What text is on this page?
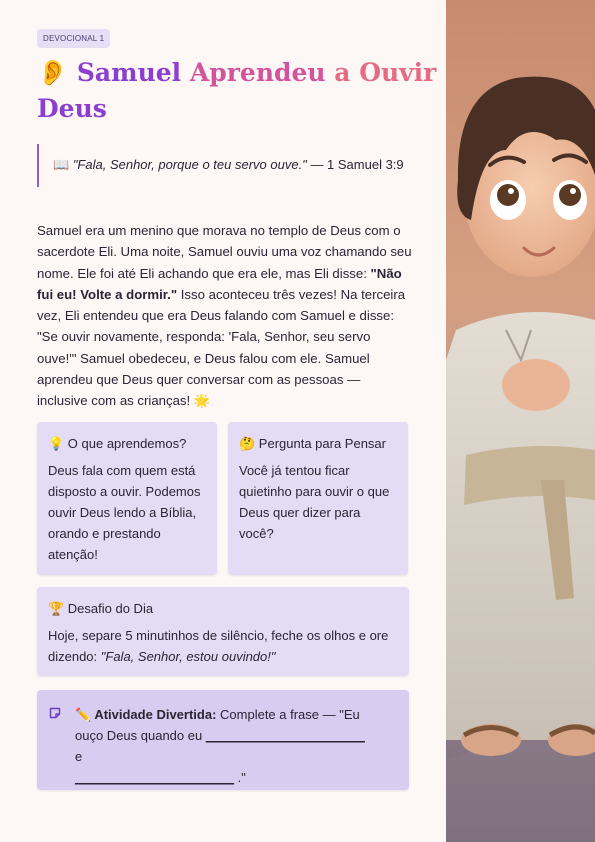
DEVOCIONAL 1
👂 Samuel Aprendeu a Ouvir
Deus
📖 "Fala, Senhor, porque o teu servo ouve." — 1 Samuel 3:9

Samuel era um menino que morava no templo de Deus com o sacerdote Eli. Uma noite, Samuel ouviu uma voz chamando seu nome. Ele foi até Eli achando que era ele, mas Eli disse: "Não fui eu! Volte a dormir." Isso aconteceu três vezes! Na terceira vez, Eli entendeu que era Deus falando com Samuel e disse: "Se ouvir novamente, responda: 'Fala, Senhor, seu servo ouve!'" Samuel obedeceu, e Deus falou com ele. Samuel aprendeu que Deus quer conversar com as pessoas — inclusive com as crianças! 🌟

💡 O que aprendemos?

Deus fala com quem está disposto a ouvir. Podemos ouvir Deus lendo a Bíblia, orando e prestando atenção!

🤔 Pergunta para Pensar

Você já tentou ficar quietinho para ouvir o que Deus quer dizer para você?

🏆 Desafio do Dia

Hoje, separe 5 minutinhos de silêncio, feche os olhos e ore dizendo: "Fala, Senhor, estou ouvindo!"

✏️ Atividade Divertida: Complete a frase — "Eu ouço Deus quando eu ______________________ e
______________________ ."
